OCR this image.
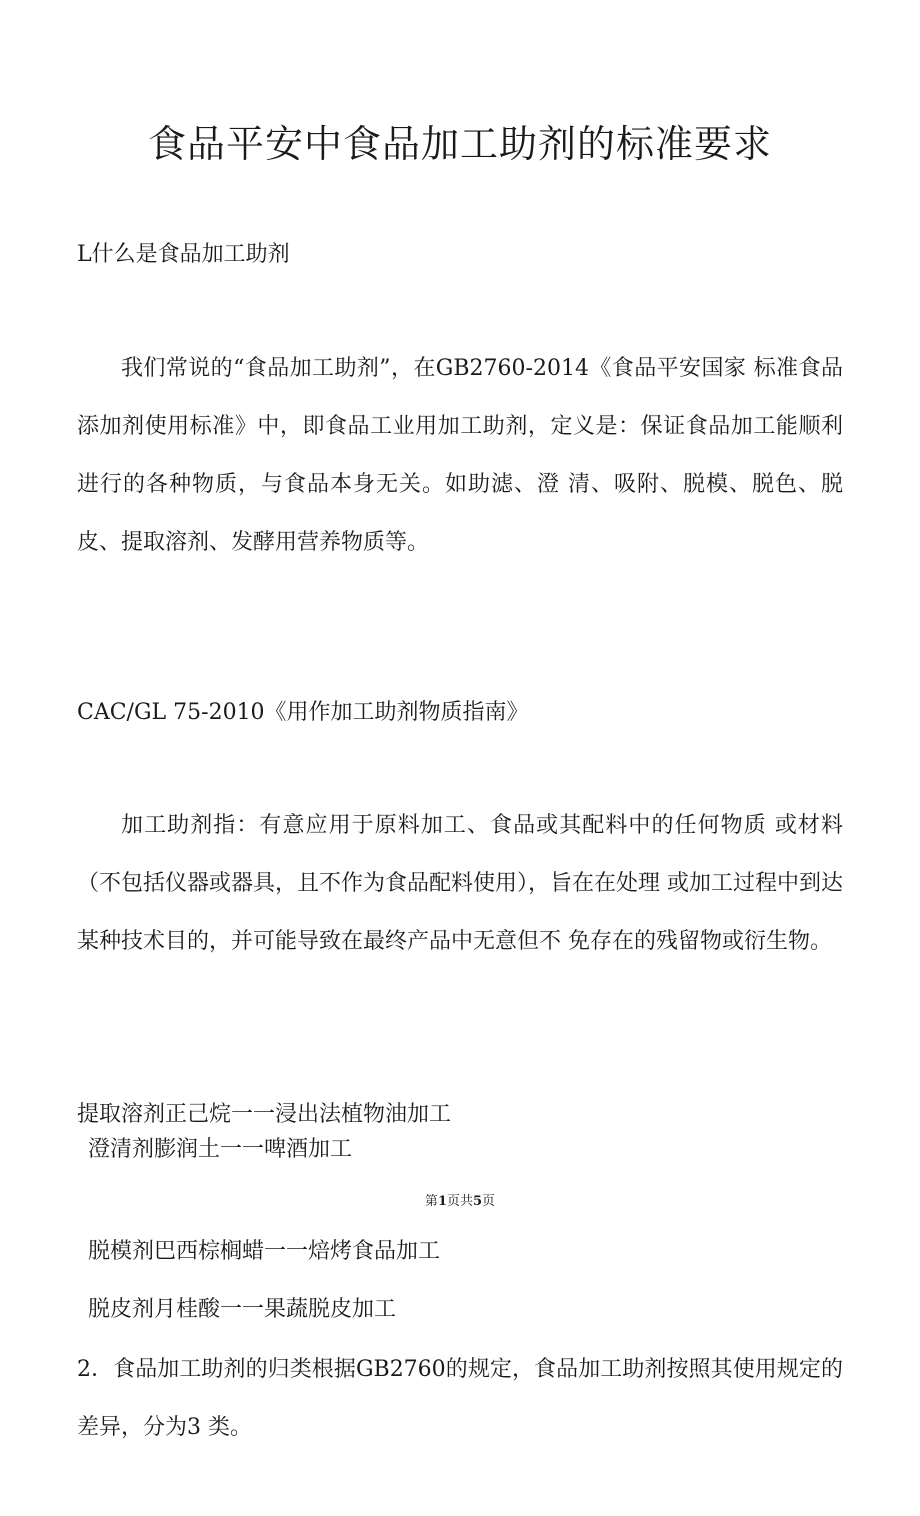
食品平安中食品加工助剂的标准要求

L什么是食品加工助剂

我们常说的“食品加工助剂”，在GB2760-2014《食品平安国家 标准食品添加剂使用标准》中，即食品工业用加工助剂，定义是：保证食品加工能顺利进行的各种物质，与食品本身无关。如助滤、澄 清、吸附、脱模、脱色、脱皮、提取溶剂、发酵用营养物质等。

CAC/GL 75-2010《用作加工助剂物质指南》

加工助剂指：有意应用于原料加工、食品或其配料中的任何物质 或材料（不包括仪器或器具，且不作为食品配料使用），旨在在处理 或加工过程中到达某种技术目的，并可能导致在最终产品中无意但不 免存在的残留物或衍生物。

提取溶剂正己烷一一浸出法植物油加工

澄清剂膨润土一一啤酒加工

第1页共5页

脱模剂巴西棕榈蜡一一焙烤食品加工

脱皮剂月桂酸一一果蔬脱皮加工

2．食品加工助剂的归类根据GB2760的规定，食品加工助剂按照其使用规定的差异，分为3 类。
